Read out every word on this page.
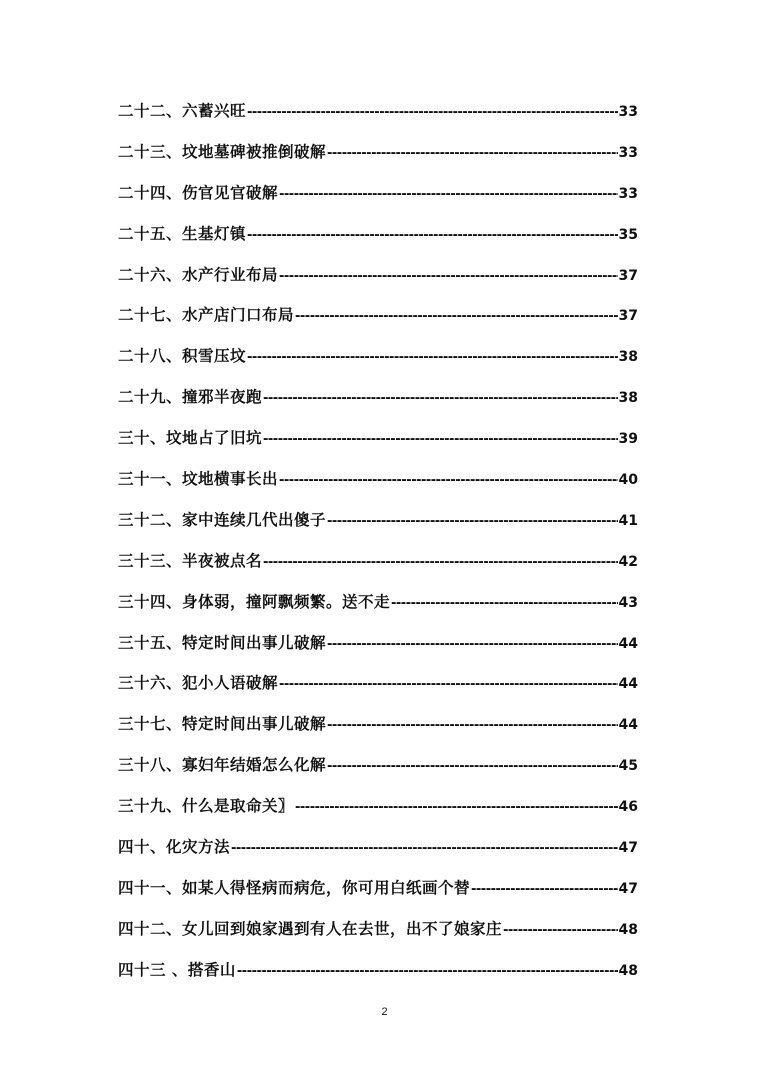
二十二、六蓄兴旺 -----	33
二十三、坟地墓碑被推倒破解 -----	33
二十四、伤官见官破解 -----	33
二十五、生基灯镇 -----	35
二十六、水产行业布局 -----	37
二十七、水产店门口布局 -----	37
二十八、积雪压坟 -----	38
二十九、撞邪半夜跑 -----	38
三十、坟地占了旧坑 -----	39
三十一、坟地横事长出 -----	40
三十二、家中连续几代出傻子 -----	41
三十三、半夜被点名 -----	42
三十四、身体弱，撞阿飘频繁。送不走 -----	43
三十五、特定时间出事儿破解 -----	44
三十六、犯小人语破解 -----	44
三十七、特定时间出事儿破解 -----	44
三十八、寡妇年结婚怎么化解 -----	45
三十九、什么是取命关〗 -----	46
四十、化灾方法 -----	47
四十一、如某人得怪病而病危，你可用白纸画个替 -----	47
四十二、女儿回到娘家遇到有人在去世，出不了娘家庄 -----	48
四十三 、搭香山 -----	48
2
